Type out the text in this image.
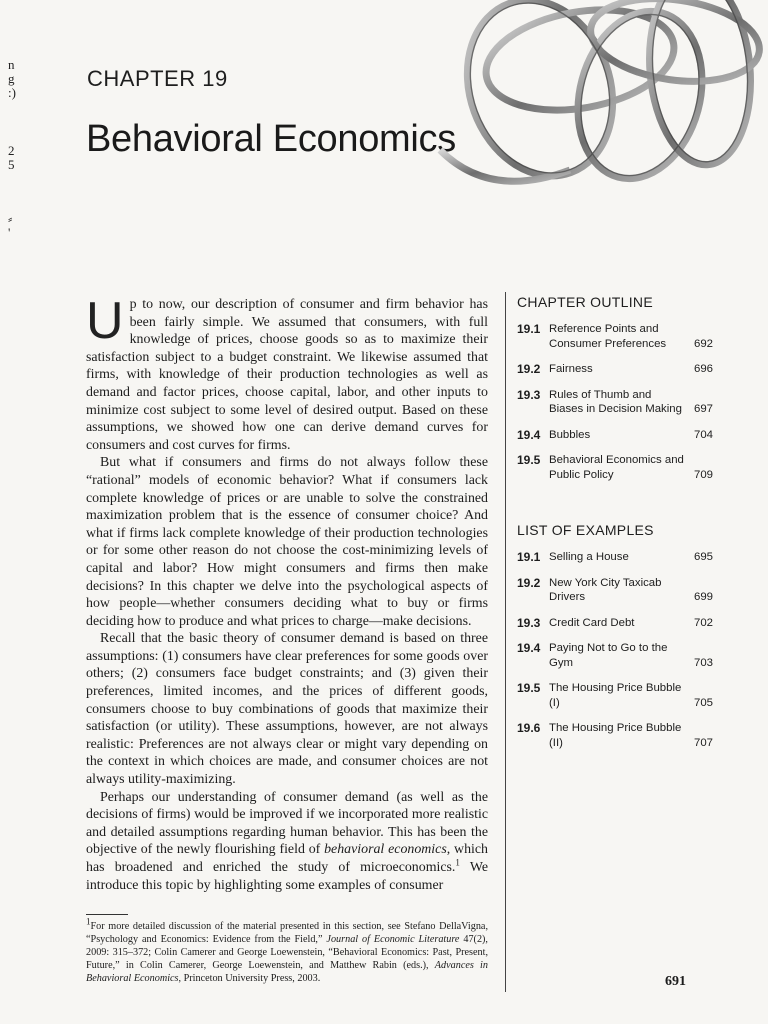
n
g
:)
2
5
⸗
'
CHAPTER 19
Behavioral Economics

Up to now, our description of consumer and firm behavior has been fairly simple. We assumed that consumers, with full knowledge of prices, choose goods so as to maximize their satisfaction subject to a budget constraint. We likewise assumed that firms, with knowledge of their production technologies as well as demand and factor prices, choose capital, labor, and other inputs to minimize cost subject to some level of desired output. Based on these assumptions, we showed how one can derive demand curves for consumers and cost curves for firms.

But what if consumers and firms do not always follow these “rational” models of economic behavior? What if consumers lack complete knowledge of prices or are unable to solve the constrained maximization problem that is the essence of consumer choice? And what if firms lack complete knowledge of their production technologies or for some other reason do not choose the cost-minimizing levels of capital and labor? How might consumers and firms then make decisions? In this chapter we delve into the psychological aspects of how people—whether consumers deciding what to buy or firms deciding how to produce and what prices to charge—make decisions.

Recall that the basic theory of consumer demand is based on three assumptions: (1) consumers have clear preferences for some goods over others; (2) consumers face budget constraints; and (3) given their preferences, limited incomes, and the prices of different goods, consumers choose to buy combinations of goods that maximize their satisfaction (or utility). These assumptions, however, are not always realistic: Preferences are not always clear or might vary depending on the context in which choices are made, and consumer choices are not always utility-maximizing.

Perhaps our understanding of consumer demand (as well as the decisions of firms) would be improved if we incorporated more realistic and detailed assumptions regarding human behavior. This has been the objective of the newly flourishing field of behavioral economics, which has broadened and enriched the study of microeconomics.$^1$ We introduce this topic by highlighting some examples of consumer

$^1$For more detailed discussion of the material presented in this section, see Stefano DellaVigna, “Psychology and Economics: Evidence from the Field,” Journal of Economic Literature 47(2), 2009: 315–372; Colin Camerer and George Loewenstein, “Behavioral Economics: Past, Present, Future,” in Colin Camerer, George Loewenstein, and Matthew Rabin (eds.), Advances in Behavioral Economics, Princeton University Press, 2003.
CHAPTER OUTLINE
19.1 Reference Points and Consumer Preferences	692
19.2 Fairness	696
19.3 Rules of Thumb and Biases in Decision Making	697
19.4 Bubbles	704
19.5 Behavioral Economics and Public Policy	709
LIST OF EXAMPLES
19.1 Selling a House	695
19.2 New York City Taxicab Drivers	699
19.3 Credit Card Debt	702
19.4 Paying Not to Go to the Gym	703
19.5 The Housing Price Bubble (I)	705
19.6 The Housing Price Bubble (II)	707
691
